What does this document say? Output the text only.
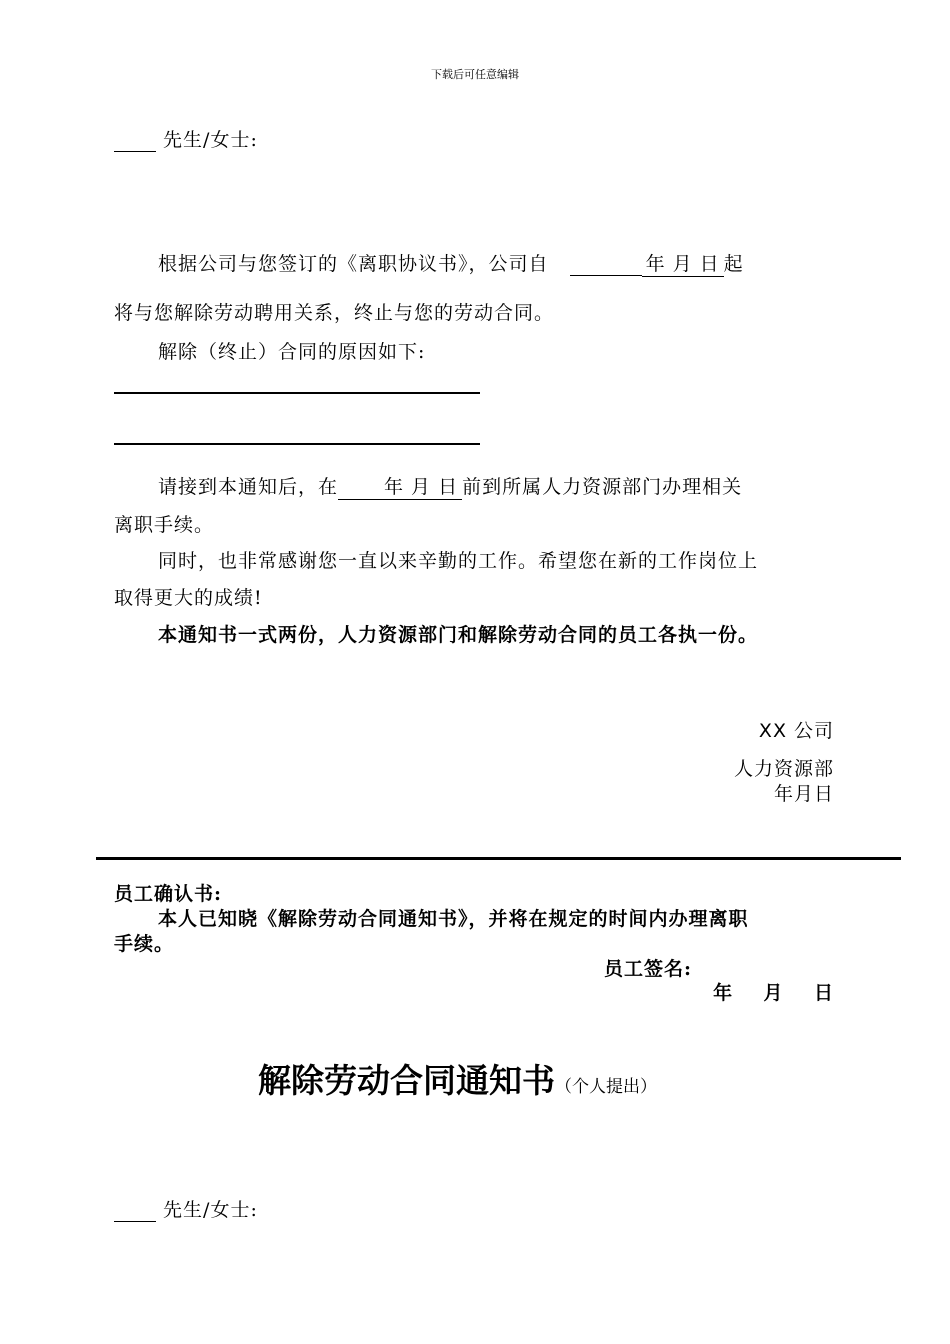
下载后可任意编辑
先生/女士:
根据公司与您签订的《离职协议书》，公司自	年 月 日 起
将与您解除劳动聘用关系，终止与您的劳动合同。
解除（终止）合同的原因如下:
请接到本通知后，在 年 月 日 前到所属人力资源部门办理相关
离职手续。
同时，也非常感谢您一直以来辛勤的工作。希望您在新的工作岗位上
取得更大的成绩!
本通知书一式两份，人力资源部门和解除劳动合同的员工各执一份。
XX 公司
人力资源部
年月日
员工确认书:
本人已知晓《解除劳动合同通知书》，并将在规定的时间内办理离职
手续。
员工签名:
年    月    日
解除劳动合同通知书（个人提出）
先生/女士:
